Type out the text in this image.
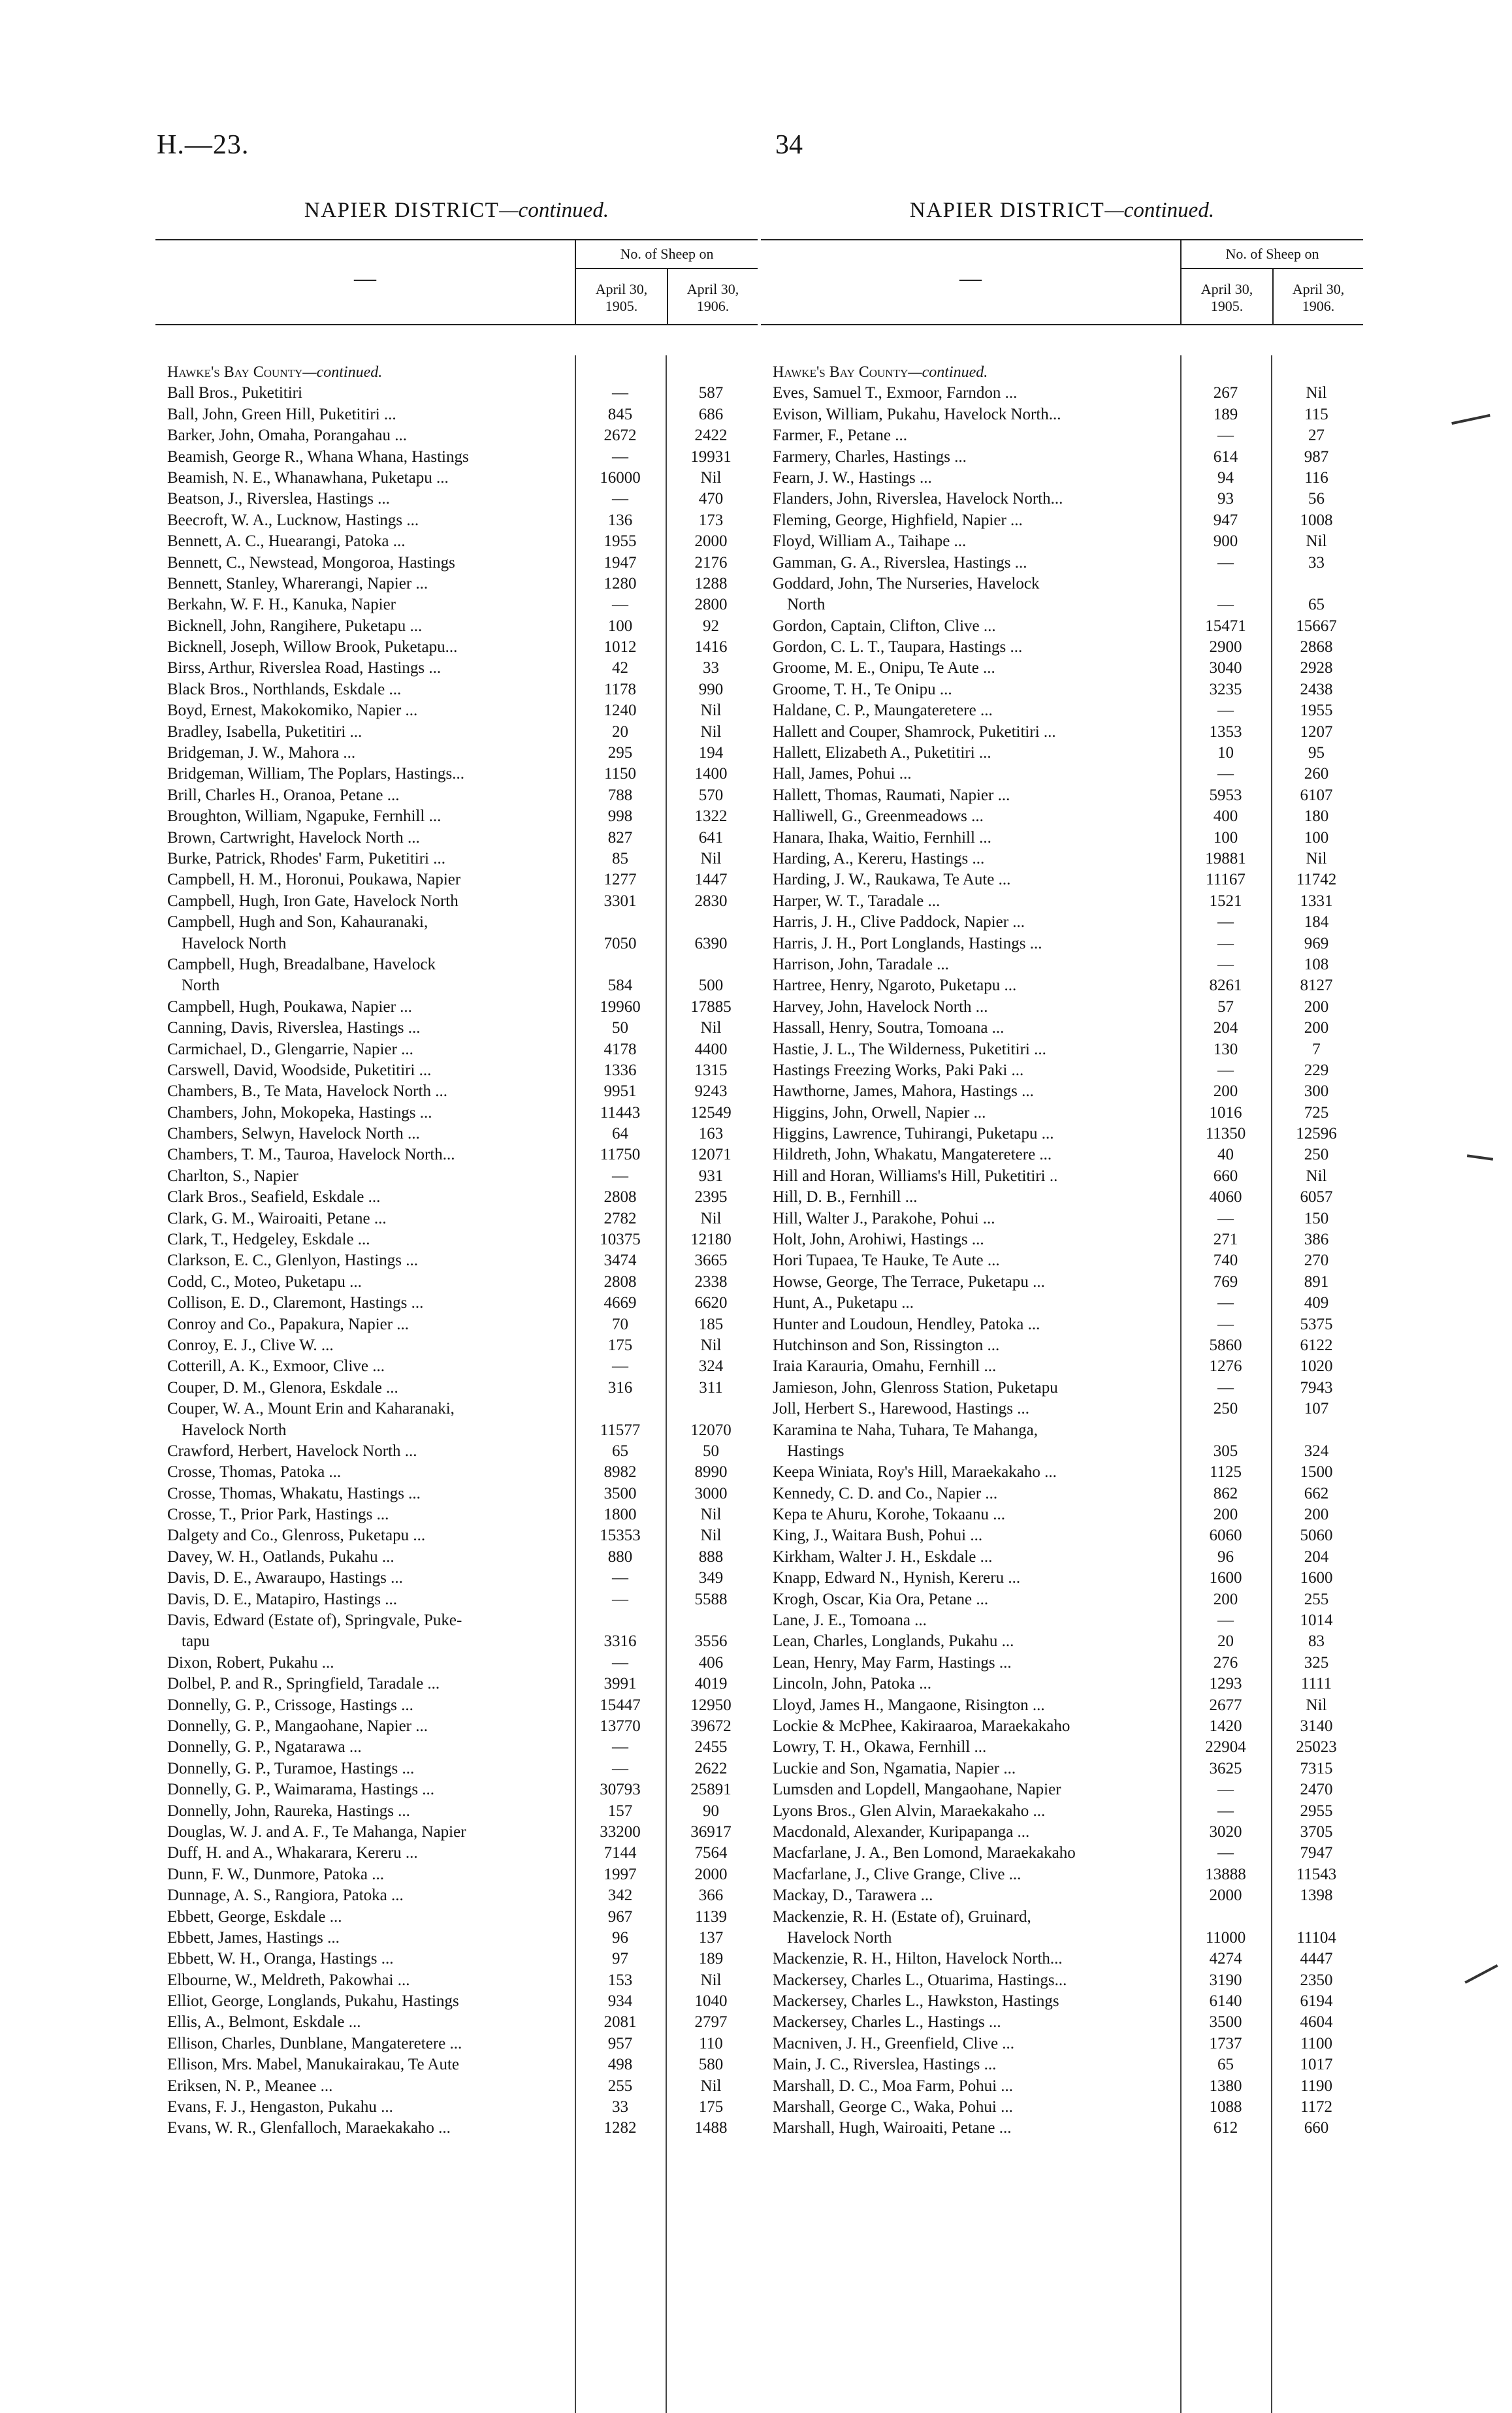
H.—23.	34
NAPIER DISTRICT—continued.
—
No. of Sheep on
April 30,
1905.
April 30,
1906.
Hawke's Bay County—continued.
Ball Bros., Puketitiri	—	587
Ball, John, Green Hill, Puketitiri ...	845	686
Barker, John, Omaha, Porangahau ...	2672	2422
Beamish, George R., Whana Whana, Hastings	—	19931
Beamish, N. E., Whanawhana, Puketapu ...	16000	Nil
Beatson, J., Riverslea, Hastings ...	—	470
Beecroft, W. A., Lucknow, Hastings ...	136	173
Bennett, A. C., Huearangi, Patoka ...	1955	2000
Bennett, C., Newstead, Mongoroa, Hastings	1947	2176
Bennett, Stanley, Wharerangi, Napier ...	1280	1288
Berkahn, W. F. H., Kanuka, Napier	—	2800
Bicknell, John, Rangihere, Puketapu ...	100	92
Bicknell, Joseph, Willow Brook, Puketapu...	1012	1416
Birss, Arthur, Riverslea Road, Hastings ...	42	33
Black Bros., Northlands, Eskdale ...	1178	990
Boyd, Ernest, Makokomiko, Napier ...	1240	Nil
Bradley, Isabella, Puketitiri ...	20	Nil
Bridgeman, J. W., Mahora ...	295	194
Bridgeman, William, The Poplars, Hastings...	1150	1400
Brill, Charles H., Oranoa, Petane ...	788	570
Broughton, William, Ngapuke, Fernhill ...	998	1322
Brown, Cartwright, Havelock North ...	827	641
Burke, Patrick, Rhodes' Farm, Puketitiri ...	85	Nil
Campbell, H. M., Horonui, Poukawa, Napier	1277	1447
Campbell, Hugh, Iron Gate, Havelock North	3301	2830
Campbell, Hugh and Son, Kahauranaki,
Havelock North	7050	6390
Campbell, Hugh, Breadalbane, Havelock
North	584	500
Campbell, Hugh, Poukawa, Napier ...	19960	17885
Canning, Davis, Riverslea, Hastings ...	50	Nil
Carmichael, D., Glengarrie, Napier ...	4178	4400
Carswell, David, Woodside, Puketitiri ...	1336	1315
Chambers, B., Te Mata, Havelock North ...	9951	9243
Chambers, John, Mokopeka, Hastings ...	11443	12549
Chambers, Selwyn, Havelock North ...	64	163
Chambers, T. M., Tauroa, Havelock North...	11750	12071
Charlton, S., Napier	—	931
Clark Bros., Seafield, Eskdale ...	2808	2395
Clark, G. M., Wairoaiti, Petane ...	2782	Nil
Clark, T., Hedgeley, Eskdale ...	10375	12180
Clarkson, E. C., Glenlyon, Hastings ...	3474	3665
Codd, C., Moteo, Puketapu ...	2808	2338
Collison, E. D., Claremont, Hastings ...	4669	6620
Conroy and Co., Papakura, Napier ...	70	185
Conroy, E. J., Clive W. ...	175	Nil
Cotterill, A. K., Exmoor, Clive ...	—	324
Couper, D. M., Glenora, Eskdale ...	316	311
Couper, W. A., Mount Erin and Kaharanaki,
Havelock North	11577	12070
Crawford, Herbert, Havelock North ...	65	50
Crosse, Thomas, Patoka ...	8982	8990
Crosse, Thomas, Whakatu, Hastings ...	3500	3000
Crosse, T., Prior Park, Hastings ...	1800	Nil
Dalgety and Co., Glenross, Puketapu ...	15353	Nil
Davey, W. H., Oatlands, Pukahu ...	880	888
Davis, D. E., Awaraupo, Hastings ...	—	349
Davis, D. E., Matapiro, Hastings ...	—	5588
Davis, Edward (Estate of), Springvale, Puke-
tapu	3316	3556
Dixon, Robert, Pukahu ...	—	406
Dolbel, P. and R., Springfield, Taradale ...	3991	4019
Donnelly, G. P., Crissoge, Hastings ...	15447	12950
Donnelly, G. P., Mangaohane, Napier ...	13770	39672
Donnelly, G. P., Ngatarawa ...	—	2455
Donnelly, G. P., Turamoe, Hastings ...	—	2622
Donnelly, G. P., Waimarama, Hastings ...	30793	25891
Donnelly, John, Raureka, Hastings ...	157	90
Douglas, W. J. and A. F., Te Mahanga, Napier	33200	36917
Duff, H. and A., Whakarara, Kereru ...	7144	7564
Dunn, F. W., Dunmore, Patoka ...	1997	2000
Dunnage, A. S., Rangiora, Patoka ...	342	366
Ebbett, George, Eskdale ...	967	1139
Ebbett, James, Hastings ...	96	137
Ebbett, W. H., Oranga, Hastings ...	97	189
Elbourne, W., Meldreth, Pakowhai ...	153	Nil
Elliot, George, Longlands, Pukahu, Hastings	934	1040
Ellis, A., Belmont, Eskdale ...	2081	2797
Ellison, Charles, Dunblane, Mangateretere ...	957	110
Ellison, Mrs. Mabel, Manukairakau, Te Aute	498	580
Eriksen, N. P., Meanee ...	255	Nil
Evans, F. J., Hengaston, Pukahu ...	33	175
Evans, W. R., Glenfalloch, Maraekakaho ...	1282	1488
NAPIER DISTRICT—continued.
—
No. of Sheep on
April 30,
1905.
April 30,
1906.
Hawke's Bay County—continued.
Eves, Samuel T., Exmoor, Farndon ...	267	Nil
Evison, William, Pukahu, Havelock North...	189	115
Farmer, F., Petane ...	—	27
Farmery, Charles, Hastings ...	614	987
Fearn, J. W., Hastings ...	94	116
Flanders, John, Riverslea, Havelock North...	93	56
Fleming, George, Highfield, Napier ...	947	1008
Floyd, William A., Taihape ...	900	Nil
Gamman, G. A., Riverslea, Hastings ...	—	33
Goddard, John, The Nurseries, Havelock
North	—	65
Gordon, Captain, Clifton, Clive ...	15471	15667
Gordon, C. L. T., Taupara, Hastings ...	2900	2868
Groome, M. E., Onipu, Te Aute ...	3040	2928
Groome, T. H., Te Onipu ...	3235	2438
Haldane, C. P., Maungateretere ...	—	1955
Hallett and Couper, Shamrock, Puketitiri ...	1353	1207
Hallett, Elizabeth A., Puketitiri ...	10	95
Hall, James, Pohui ...	—	260
Hallett, Thomas, Raumati, Napier ...	5953	6107
Halliwell, G., Greenmeadows ...	400	180
Hanara, Ihaka, Waitio, Fernhill ...	100	100
Harding, A., Kereru, Hastings ...	19881	Nil
Harding, J. W., Raukawa, Te Aute ...	11167	11742
Harper, W. T., Taradale ...	1521	1331
Harris, J. H., Clive Paddock, Napier ...	—	184
Harris, J. H., Port Longlands, Hastings ...	—	969
Harrison, John, Taradale ...	—	108
Hartree, Henry, Ngaroto, Puketapu ...	8261	8127
Harvey, John, Havelock North ...	57	200
Hassall, Henry, Soutra, Tomoana ...	204	200
Hastie, J. L., The Wilderness, Puketitiri ...	130	7
Hastings Freezing Works, Paki Paki ...	—	229
Hawthorne, James, Mahora, Hastings ...	200	300
Higgins, John, Orwell, Napier ...	1016	725
Higgins, Lawrence, Tuhirangi, Puketapu ...	11350	12596
Hildreth, John, Whakatu, Mangateretere ...	40	250
Hill and Horan, Williams's Hill, Puketitiri ..	660	Nil
Hill, D. B., Fernhill ...	4060	6057
Hill, Walter J., Parakohe, Pohui ...	—	150
Holt, John, Arohiwi, Hastings ...	271	386
Hori Tupaea, Te Hauke, Te Aute ...	740	270
Howse, George, The Terrace, Puketapu ...	769	891
Hunt, A., Puketapu ...	—	409
Hunter and Loudoun, Hendley, Patoka ...	—	5375
Hutchinson and Son, Rissington ...	5860	6122
Iraia Karauria, Omahu, Fernhill ...	1276	1020
Jamieson, John, Glenross Station, Puketapu	—	7943
Joll, Herbert S., Harewood, Hastings ...	250	107
Karamina te Naha, Tuhara, Te Mahanga,
Hastings	305	324
Keepa Winiata, Roy's Hill, Maraekakaho ...	1125	1500
Kennedy, C. D. and Co., Napier ...	862	662
Kepa te Ahuru, Korohe, Tokaanu ...	200	200
King, J., Waitara Bush, Pohui ...	6060	5060
Kirkham, Walter J. H., Eskdale ...	96	204
Knapp, Edward N., Hynish, Kereru ...	1600	1600
Krogh, Oscar, Kia Ora, Petane ...	200	255
Lane, J. E., Tomoana ...	—	1014
Lean, Charles, Longlands, Pukahu ...	20	83
Lean, Henry, May Farm, Hastings ...	276	325
Lincoln, John, Patoka ...	1293	1111
Lloyd, James H., Mangaone, Risington ...	2677	Nil
Lockie & McPhee, Kakiraaroa, Maraekakaho	1420	3140
Lowry, T. H., Okawa, Fernhill ...	22904	25023
Luckie and Son, Ngamatia, Napier ...	3625	7315
Lumsden and Lopdell, Mangaohane, Napier	—	2470
Lyons Bros., Glen Alvin, Maraekakaho ...	—	2955
Macdonald, Alexander, Kuripapanga ...	3020	3705
Macfarlane, J. A., Ben Lomond, Maraekakaho	—	7947
Macfarlane, J., Clive Grange, Clive ...	13888	11543
Mackay, D., Tarawera ...	2000	1398
Mackenzie, R. H. (Estate of), Gruinard,
Havelock North	11000	11104
Mackenzie, R. H., Hilton, Havelock North...	4274	4447
Mackersey, Charles L., Otuarima, Hastings...	3190	2350
Mackersey, Charles L., Hawkston, Hastings	6140	6194
Mackersey, Charles L., Hastings ...	3500	4604
Macniven, J. H., Greenfield, Clive ...	1737	1100
Main, J. C., Riverslea, Hastings ...	65	1017
Marshall, D. C., Moa Farm, Pohui ...	1380	1190
Marshall, George C., Waka, Pohui ...	1088	1172
Marshall, Hugh, Wairoaiti, Petane ...	612	660
